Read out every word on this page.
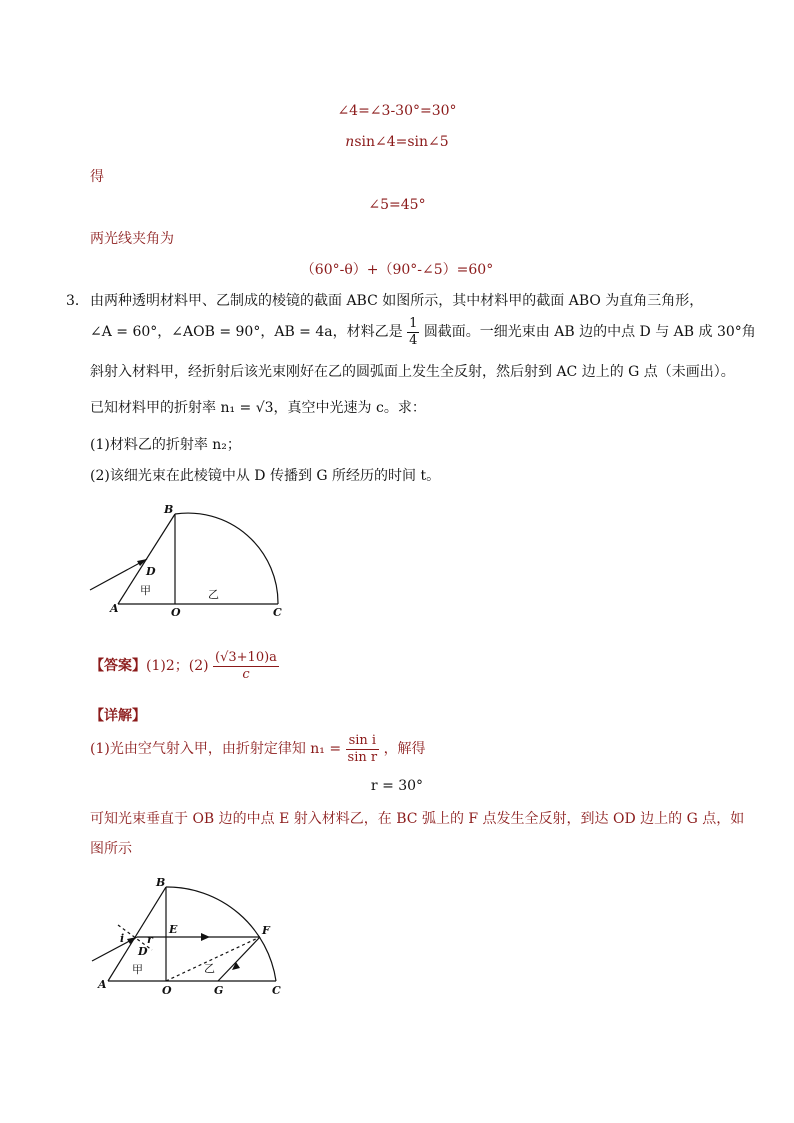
∠4=∠3-30°=30°
nsin∠4=sin∠5
得
∠5=45°
两光线夹角为
（60°-θ）+（90°-∠5）=60°
3． 由两种透明材料甲、乙制成的棱镜的截面 ABC 如图所示，其中材料甲的截面 ABO 为直角三角形，
∠A = 60°，∠AOB = 90°，AB = 4a，材料乙是 $\frac{1}{4}$ 圆截面。一细光束由 AB 边的中点 D 与 AB 成 30°角
斜射入材料甲，经折射后该光束刚好在乙的圆弧面上发生全反射，然后射到 AC 边上的 G 点（未画出）。
已知材料甲的折射率 n₁ = √3，真空中光速为 c。求：
(1)材料乙的折射率 n₂；
(2)该细光束在此棱镜中从 D 传播到 G 所经历的时间 t。
B
A	O	C
D
甲	乙
【答案】(1)2；$(2) \frac{(√3+10)a}{c}$
【详解】
(1)光由空气射入甲，由折射定律知 $n_1 = \frac{\text{sin i}}{\text{sin r}}$ ，解得
r = 30°
可知光束垂直于 OB 边的中点 E 射入材料乙，在 BC 弧上的 F 点发生全反射，到达 OD 边上的 G 点，如
图所示
B
A	O	G	C
E	F
D
i r
甲	乙
